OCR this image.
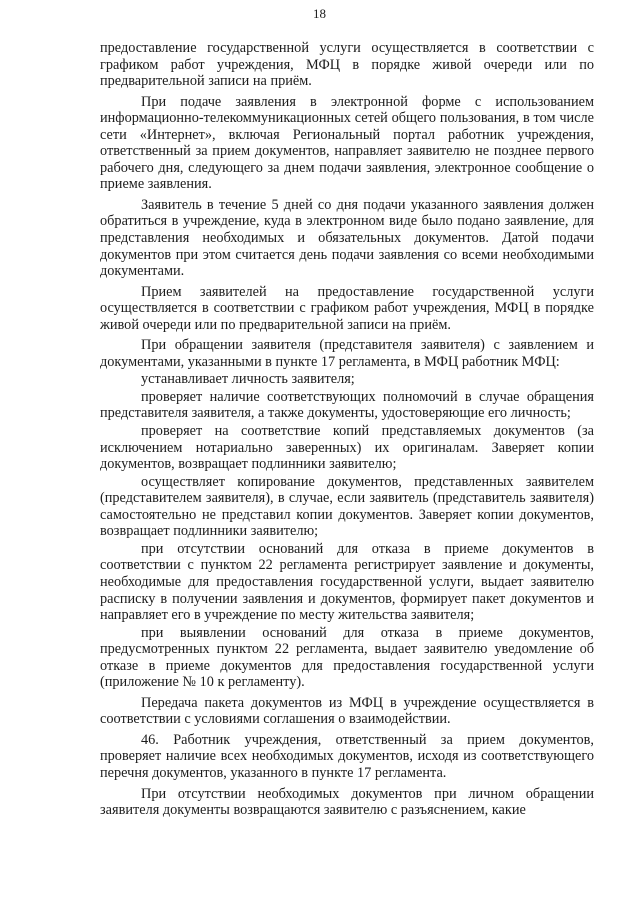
18

предоставление государственной услуги осуществляется в соответствии с графиком работ учреждения, МФЦ в порядке живой очереди или по предварительной записи на приём.

При подаче заявления в электронной форме с использованием информационно-телекоммуникационных сетей общего пользования, в том числе сети «Интернет», включая Региональный портал работник учреждения, ответственный за прием документов, направляет заявителю не позднее первого рабочего дня, следующего за днем подачи заявления, электронное сообщение о приеме заявления.

Заявитель в течение 5 дней со дня подачи указанного заявления должен обратиться в учреждение, куда в электронном виде было подано заявление, для представления необходимых и обязательных документов. Датой подачи документов при этом считается день подачи заявления со всеми необходимыми документами.

Прием заявителей на предоставление государственной услуги осуществляется в соответствии с графиком работ учреждения, МФЦ в порядке живой очереди или по предварительной записи на приём.

При обращении заявителя (представителя заявителя) с заявлением и документами, указанными в пункте 17 регламента, в МФЦ работник МФЦ:

устанавливает личность заявителя;

проверяет наличие соответствующих полномочий в случае обращения представителя заявителя, а также документы, удостоверяющие его личность;

проверяет на соответствие копий представляемых документов (за исключением нотариально заверенных) их оригиналам. Заверяет копии документов, возвращает подлинники заявителю;

осуществляет копирование документов, представленных заявителем (представителем заявителя), в случае, если заявитель (представитель заявителя) самостоятельно не представил копии документов. Заверяет копии документов, возвращает подлинники заявителю;

при отсутствии оснований для отказа в приеме документов в соответствии с пунктом 22 регламента регистрирует заявление и документы, необходимые для предоставления государственной услуги, выдает заявителю расписку в получении заявления и документов, формирует пакет документов и направляет его в учреждение по месту жительства заявителя;

при выявлении оснований для отказа в приеме документов, предусмотренных пунктом 22 регламента, выдает заявителю уведомление об отказе в приеме документов для предоставления государственной услуги (приложение № 10 к регламенту).

Передача пакета документов из МФЦ в учреждение осуществляется в соответствии с условиями соглашения о взаимодействии.

46. Работник учреждения, ответственный за прием документов, проверяет наличие всех необходимых документов, исходя из соответствующего перечня документов, указанного в пункте 17 регламента.

При отсутствии необходимых документов при личном обращении заявителя документы возвращаются заявителю с разъяснением, какие
